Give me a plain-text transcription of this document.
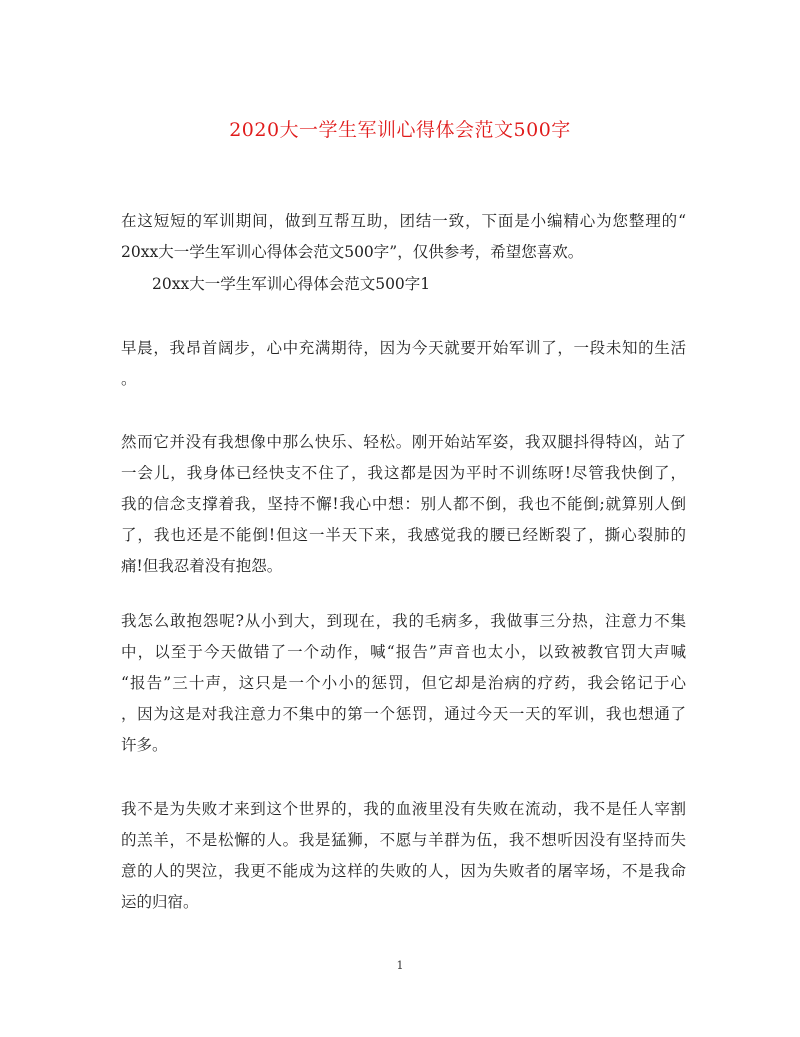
2020大一学生军训心得体会范文500字
在这短短的军训期间，做到互帮互助，团结一致，下面是小编精心为您整理的“
20xx大一学生军训心得体会范文500字”，仅供参考，希望您喜欢。
20xx大一学生军训心得体会范文500字1
早晨，我昂首阔步，心中充满期待，因为今天就要开始军训了，一段未知的生活
。
然而它并没有我想像中那么快乐、轻松。刚开始站军姿，我双腿抖得特凶，站了
一会儿，我身体已经快支不住了，我这都是因为平时不训练呀!尽管我快倒了，
我的信念支撑着我，坚持不懈!我心中想：别人都不倒，我也不能倒;就算别人倒
了，我也还是不能倒!但这一半天下来，我感觉我的腰已经断裂了，撕心裂肺的
痛!但我忍着没有抱怨。
我怎么敢抱怨呢?从小到大，到现在，我的毛病多，我做事三分热，注意力不集
中，以至于今天做错了一个动作，喊“报告”声音也太小，以致被教官罚大声喊
“报告”三十声，这只是一个小小的惩罚，但它却是治病的疗药，我会铭记于心
，因为这是对我注意力不集中的第一个惩罚，通过今天一天的军训，我也想通了
许多。
我不是为失败才来到这个世界的，我的血液里没有失败在流动，我不是任人宰割
的羔羊，不是松懈的人。我是猛狮，不愿与羊群为伍，我不想听因没有坚持而失
意的人的哭泣，我更不能成为这样的失败的人，因为失败者的屠宰场，不是我命
运的归宿。
1
